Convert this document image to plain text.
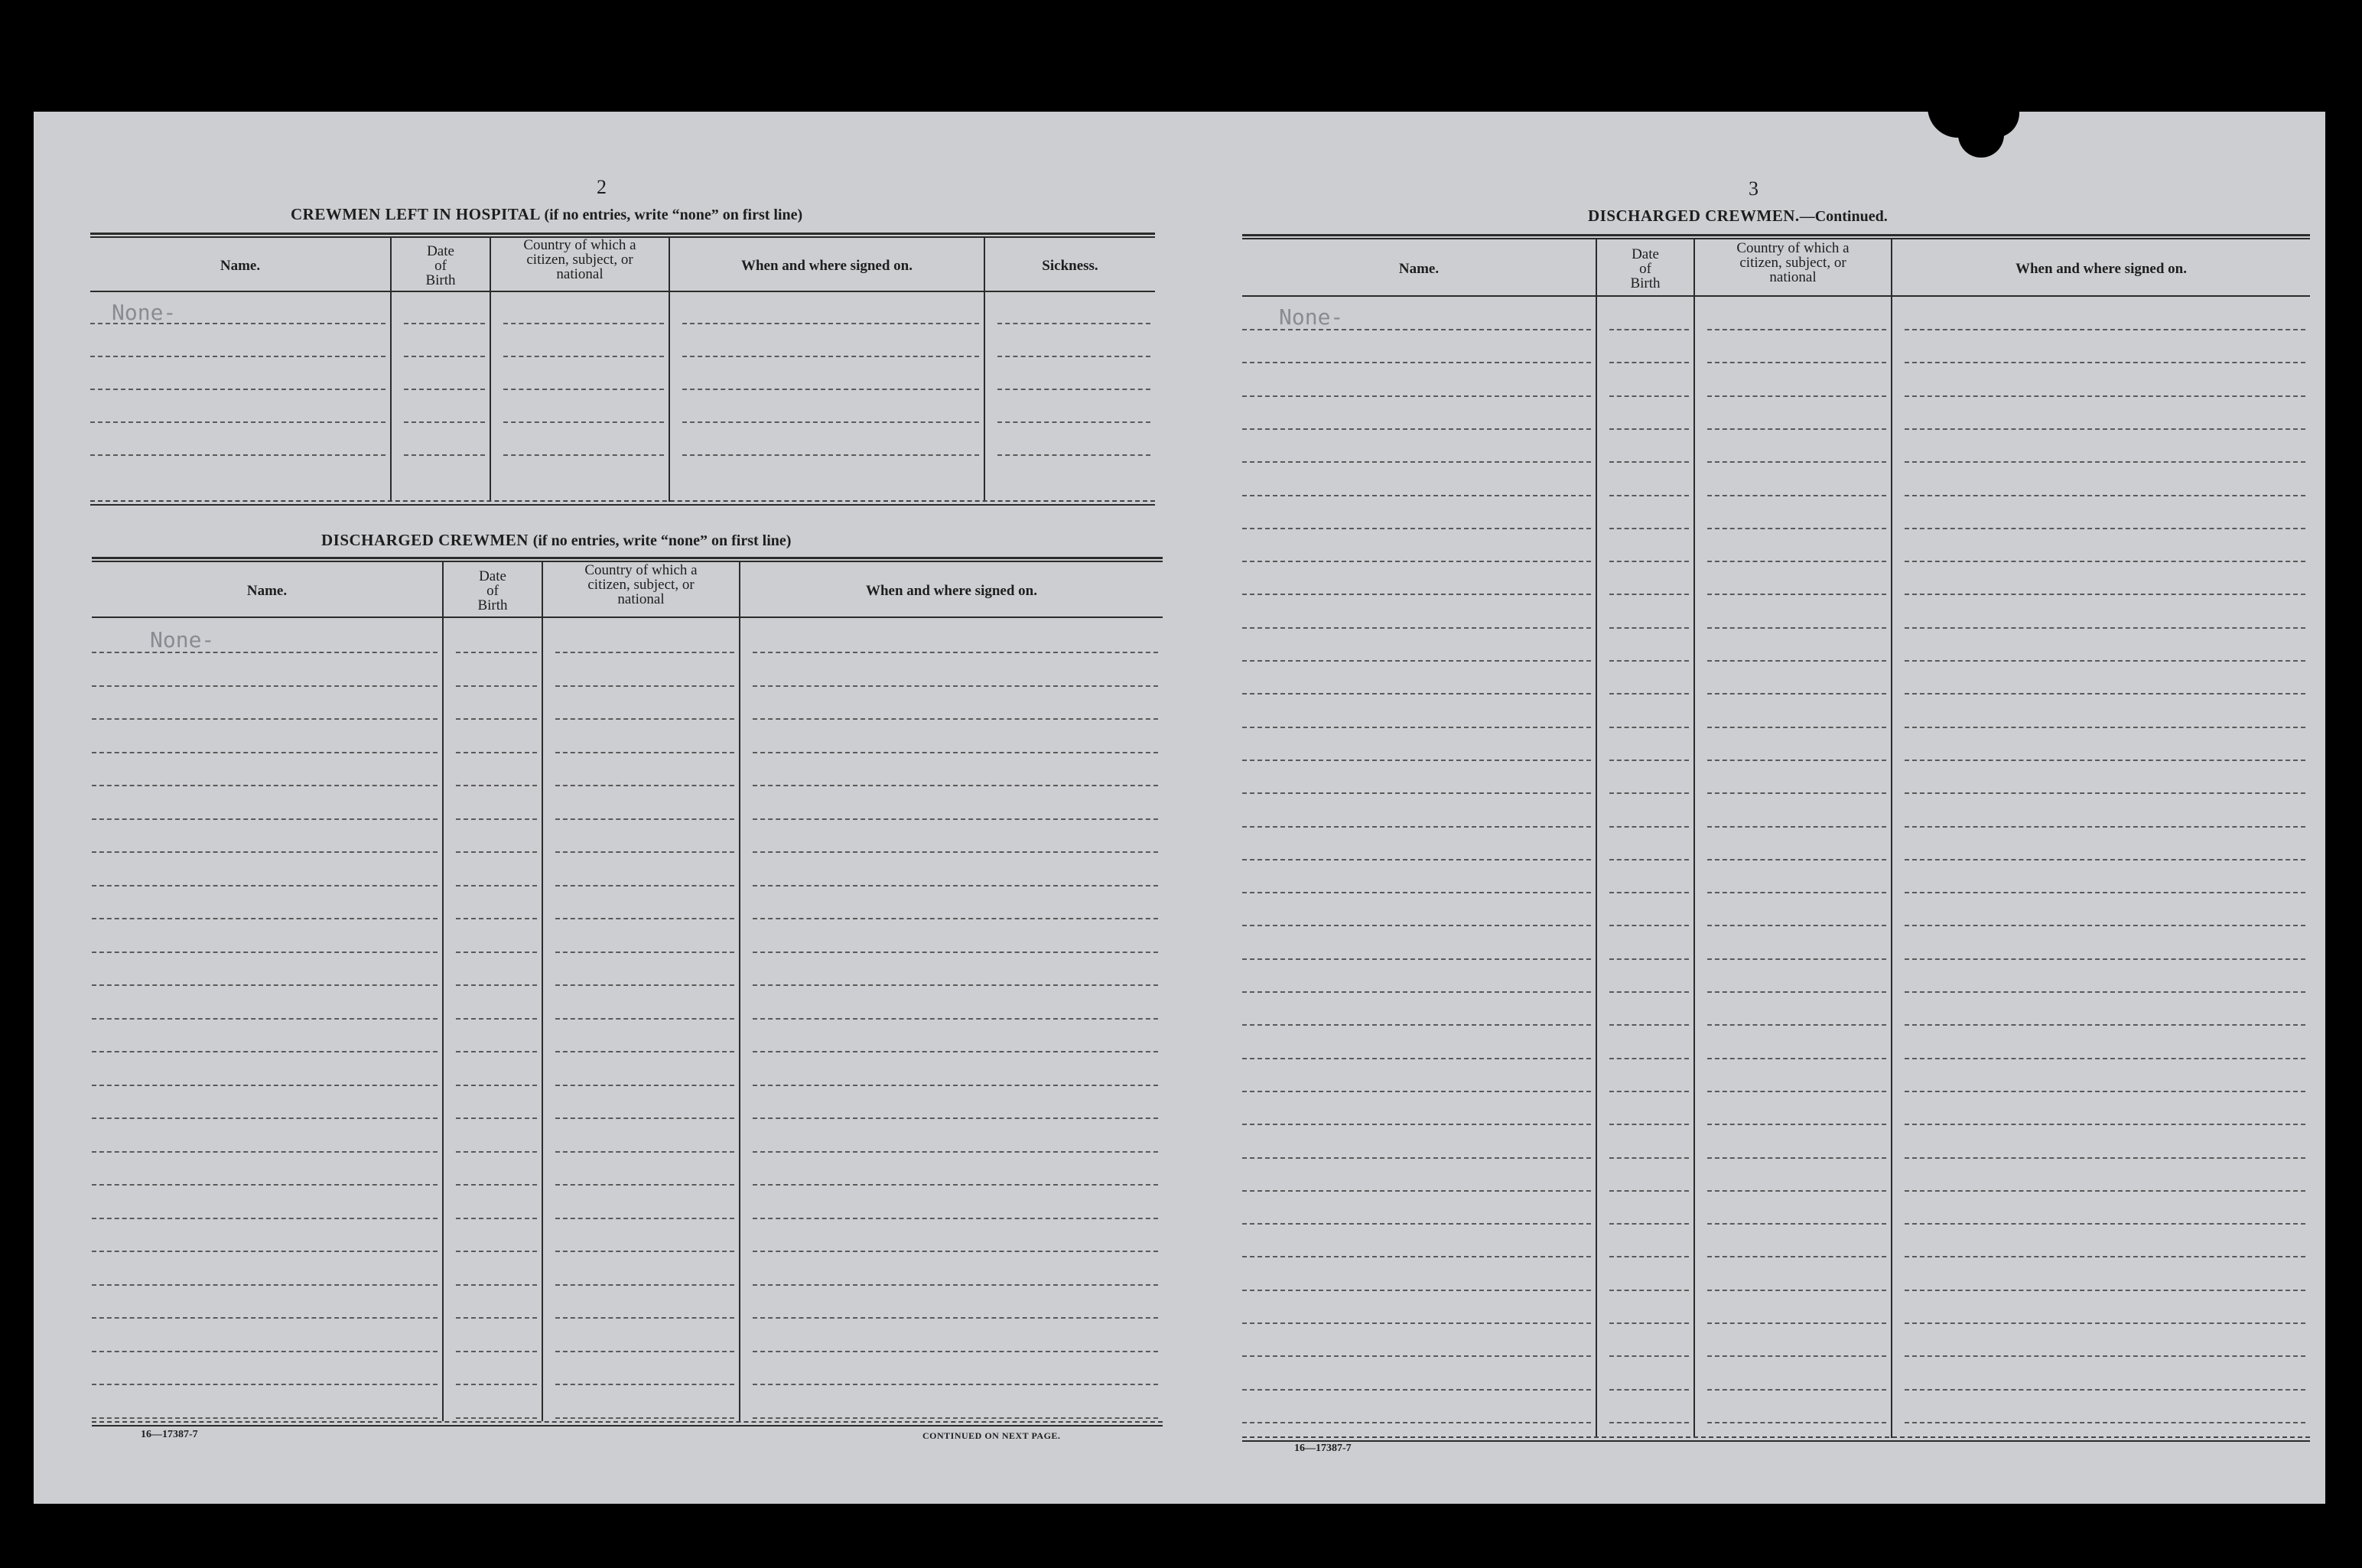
2
CREWMEN LEFT IN HOSPITAL (if no entries, write “none” on first line)
Name.
Date
of
Birth
Country of which a
citizen, subject, or
national
When and where signed on.	Sickness.
None-
DISCHARGED CREWMEN (if no entries, write “none” on first line)
Name.
Date
of
Birth
Country of which a
citizen, subject, or
national
When and where signed on.
None-
16—17387-7	CONTINUED ON NEXT PAGE.
3
DISCHARGED CREWMEN.—Continued.
Name.
Date
of
Birth
Country of which a
citizen, subject, or
national
When and where signed on.
None-
16—17387-7
